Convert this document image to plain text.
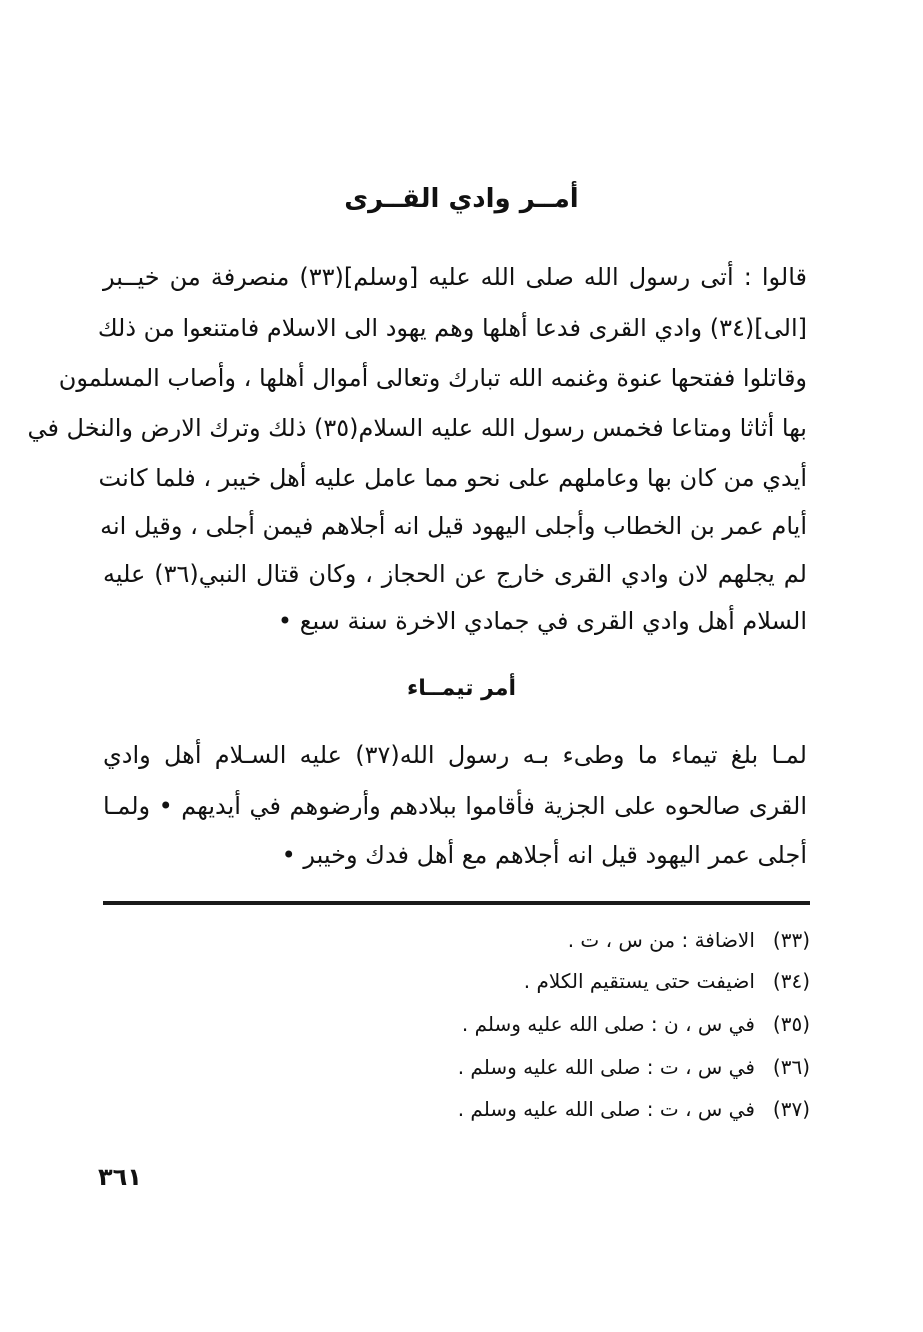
أمــر وادي القــرى
قالوا : أتى رسول الله صلى الله عليه [وسلم](٣٣) منصرفة من خيــبر
[الى](٣٤) وادي القرى فدعا أهلها وهم يهود الى الاسلام فامتنعوا من ذلك
وقاتلوا ففتحها عنوة وغنمه الله تبارك وتعالى أموال أهلها ، وأصاب المسلمون
بها أثاثا ومتاعا فخمس رسول الله عليه السلام(٣٥) ذلك وترك الارض والنخل في
أيدي من كان بها وعاملهم على نحو مما عامل عليه أهل خيبر ، فلما كانت
أيام عمر بن الخطاب وأجلى اليهود قيل انه أجلاهم فيمن أجلى ، وقيل انه
لم يجلهم لان وادي القرى خارج عن الحجاز ، وكان قتال النبي(٣٦) عليه
السلام أهل وادي القرى في جمادي الاخرة سنة سبع •
أمر تيمــاء
لمـا بلغ تيماء ما وطىء بـه رسول الله(٣٧) عليه السـلام أهل وادي
القرى صالحوه على الجزية فأقاموا ببلادهم وأرضوهم في أيديهم • ولمـا
أجلى عمر اليهود قيل انه أجلاهم مع أهل فدك وخيبر •
(٣٣)الاضافة : من س ، ت .
(٣٤)اضيفت حتى يستقيم الكلام .
(٣٥)في س ، ن : صلى الله عليه وسلم .
(٣٦)في س ، ت : صلى الله عليه وسلم .
(٣٧)في س ، ت : صلى الله عليه وسلم .
٣٦١
